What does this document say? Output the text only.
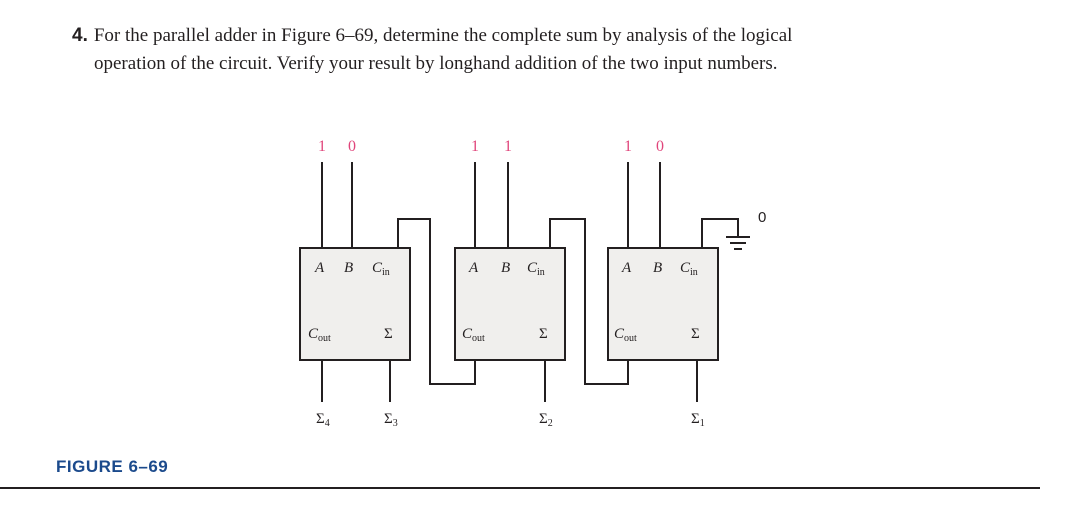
4. For the parallel adder in Figure 6–69, determine the complete sum by analysis of the logical
operation of the circuit. Verify your result by longhand addition of the two input numbers.
1 0	1 1	1 0
0
A B $C_{in}$
$C_{out}$	Σ
A B $C_{in}$
$C_{out}$	Σ
A B $C_{in}$
$C_{out}$	Σ
$\Sigma_4$	$\Sigma_3$	$\Sigma_2$	$\Sigma_1$
FIGURE 6–69
